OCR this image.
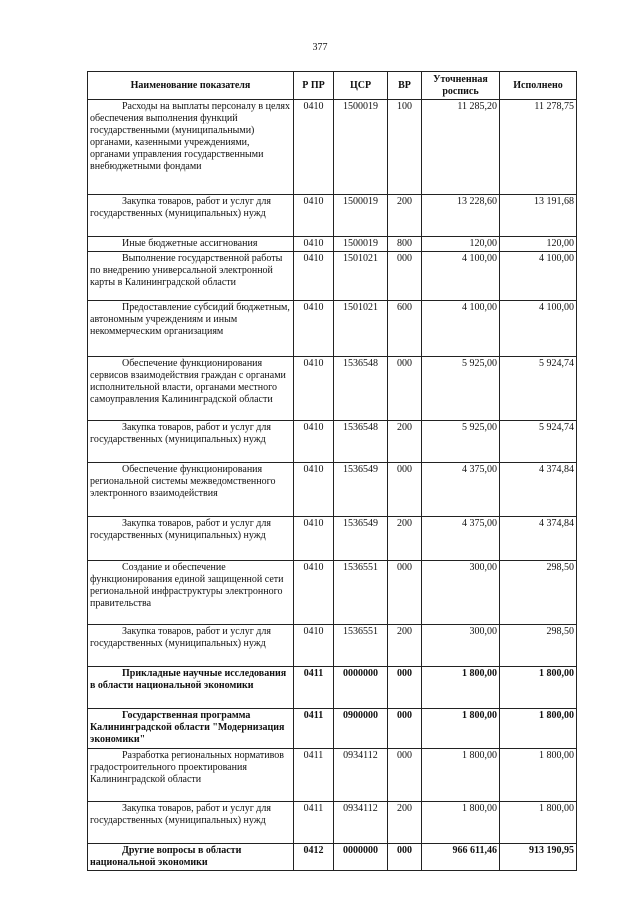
377
Наименование показателя	Р ПР	ЦСР	ВР	Уточненная роспись	Исполнено
Расходы на выплаты персоналу в целях обеспечения выполнения функций государственными (муниципальными) органами, казенными учреждениями, органами управления государственными внебюджетными фондами	0410	1500019	100	11 285,20	11 278,75
Закупка товаров, работ и услуг для государственных (муниципальных) нужд	0410	1500019	200	13 228,60	13 191,68
Иные бюджетные ассигнования	0410	1500019	800	120,00	120,00
Выполнение государственной работы по внедрению универсальной электронной карты в Калининградской области	0410	1501021	000	4 100,00	4 100,00
Предоставление субсидий бюджетным, автономным учреждениям и иным некоммерческим организациям	0410	1501021	600	4 100,00	4 100,00
Обеспечение функционирования сервисов взаимодействия граждан с органами исполнительной власти, органами местного самоуправления Калининградской области	0410	1536548	000	5 925,00	5 924,74
Закупка товаров, работ и услуг для государственных (муниципальных) нужд	0410	1536548	200	5 925,00	5 924,74
Обеспечение функционирования региональной системы межведомственного электронного взаимодействия	0410	1536549	000	4 375,00	4 374,84
Закупка товаров, работ и услуг для государственных (муниципальных) нужд	0410	1536549	200	4 375,00	4 374,84
Создание и обеспечение функционирования единой защищенной сети региональной инфраструктуры электронного правительства	0410	1536551	000	300,00	298,50
Закупка товаров, работ и услуг для государственных (муниципальных) нужд	0410	1536551	200	300,00	298,50
Прикладные научные исследования в области национальной экономики	0411	0000000	000	1 800,00	1 800,00
Государственная программа Калининградской области "Модернизация экономики"	0411	0900000	000	1 800,00	1 800,00
Разработка региональных нормативов градостроительного проектирования Калининградской области	0411	0934112	000	1 800,00	1 800,00
Закупка товаров, работ и услуг для государственных (муниципальных) нужд	0411	0934112	200	1 800,00	1 800,00
Другие вопросы в области национальной экономики	0412	0000000	000	966 611,46	913 190,95
